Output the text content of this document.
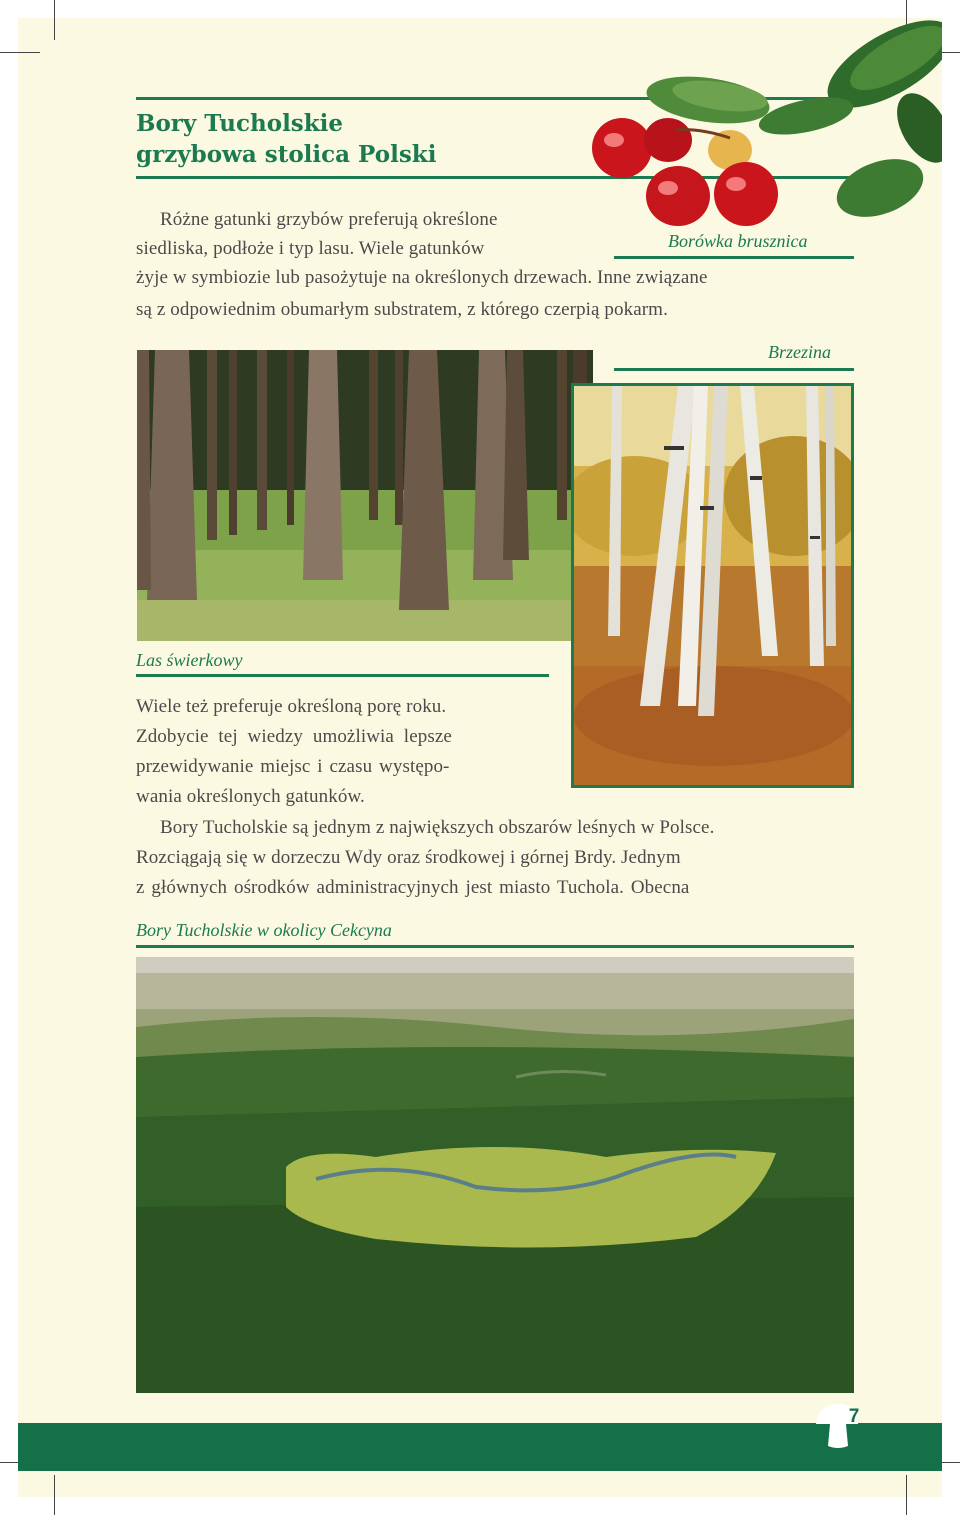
Bory Tucholskie
grzybowa stolica Polski
Różne gatunki grzybów preferują określone
siedliska, podłoże i typ lasu. Wiele gatunków	Borówka brusznica
żyje w symbiozie lub pasożytuje na określonych drzewach. Inne związane
są z odpowiednim obumarłym substratem, z którego czerpią pokarm.
Brzezina
Las świerkowy
Wiele też preferuje określoną porę roku.
Zdobycie tej wiedzy umożliwia lepsze
przewidywanie miejsc i czasu występo-
wania określonych gatunków.
Bory Tucholskie są jednym z największych obszarów leśnych w Polsce.
Rozciągają się w dorzeczu Wdy oraz środkowej i górnej Brdy. Jednym
z głównych ośrodków administracyjnych jest miasto Tuchola. Obecna
Bory Tucholskie w okolicy Cekcyna
7
